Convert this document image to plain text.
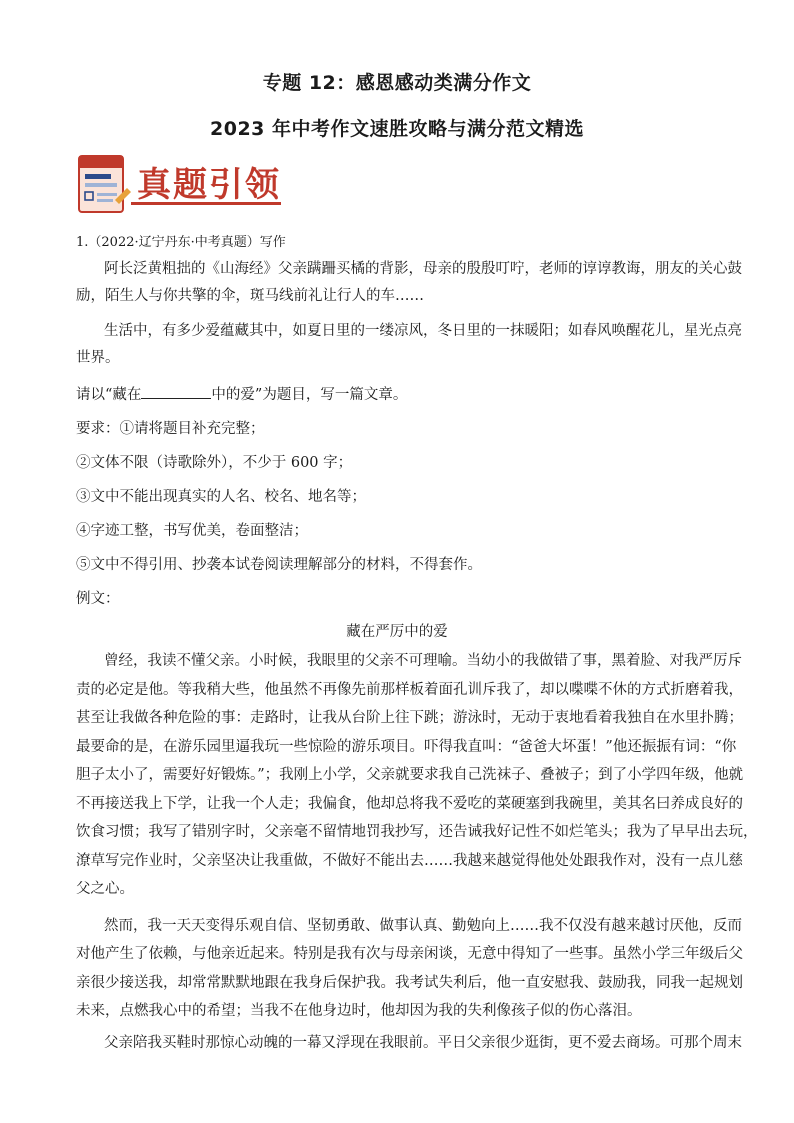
专题 12：感恩感动类满分作文
2023 年中考作文速胜攻略与满分范文精选
真题引领

1.（2022·辽宁丹东·中考真题）写作

阿长泛黄粗拙的《山海经》父亲蹒跚买橘的背影，母亲的殷殷叮咛，老师的谆谆教诲，朋友的关心鼓

励，陌生人与你共擎的伞，斑马线前礼让行人的车……

生活中，有多少爱蕴藏其中，如夏日里的一缕凉风，冬日里的一抹暖阳；如春风唤醒花儿，星光点亮

世界。

请以“藏在	中的爱”为题目，写一篇文章。

要求：①请将题目补充完整；

②文体不限（诗歌除外），不少于 600 字；

③文中不能出现真实的人名、校名、地名等；

④字迹工整，书写优美，卷面整洁；

⑤文中不得引用、抄袭本试卷阅读理解部分的材料，不得套作。

例文：

藏在严厉中的爱

曾经，我读不懂父亲。小时候，我眼里的父亲不可理喻。当幼小的我做错了事，黑着脸、对我严厉斥

责的必定是他。等我稍大些，他虽然不再像先前那样板着面孔训斥我了，却以喋喋不休的方式折磨着我，

甚至让我做各种危险的事：走路时，让我从台阶上往下跳；游泳时，无动于衷地看着我独自在水里扑腾；

最要命的是，在游乐园里逼我玩一些惊险的游乐项目。吓得我直叫：“爸爸大坏蛋！”他还振振有词：“你

胆子太小了，需要好好锻炼。”；我刚上小学，父亲就要求我自己洗袜子、叠被子；到了小学四年级，他就

不再接送我上下学，让我一个人走；我偏食，他却总将我不爱吃的菜硬塞到我碗里，美其名曰养成良好的

饮食习惯；我写了错别字时，父亲毫不留情地罚我抄写，还告诫我好记性不如烂笔头；我为了早早出去玩，

潦草写完作业时，父亲坚决让我重做，不做好不能出去……我越来越觉得他处处跟我作对，没有一点儿慈

父之心。

然而，我一天天变得乐观自信、坚韧勇敢、做事认真、勤勉向上……我不仅没有越来越讨厌他，反而

对他产生了依赖，与他亲近起来。特别是我有次与母亲闲谈，无意中得知了一些事。虽然小学三年级后父

亲很少接送我，却常常默默地跟在我身后保护我。我考试失利后，他一直安慰我、鼓励我，同我一起规划

未来，点燃我心中的希望；当我不在他身边时，他却因为我的失利像孩子似的伤心落泪。

父亲陪我买鞋时那惊心动魄的一幕又浮现在我眼前。平日父亲很少逛街，更不爱去商场。可那个周末
